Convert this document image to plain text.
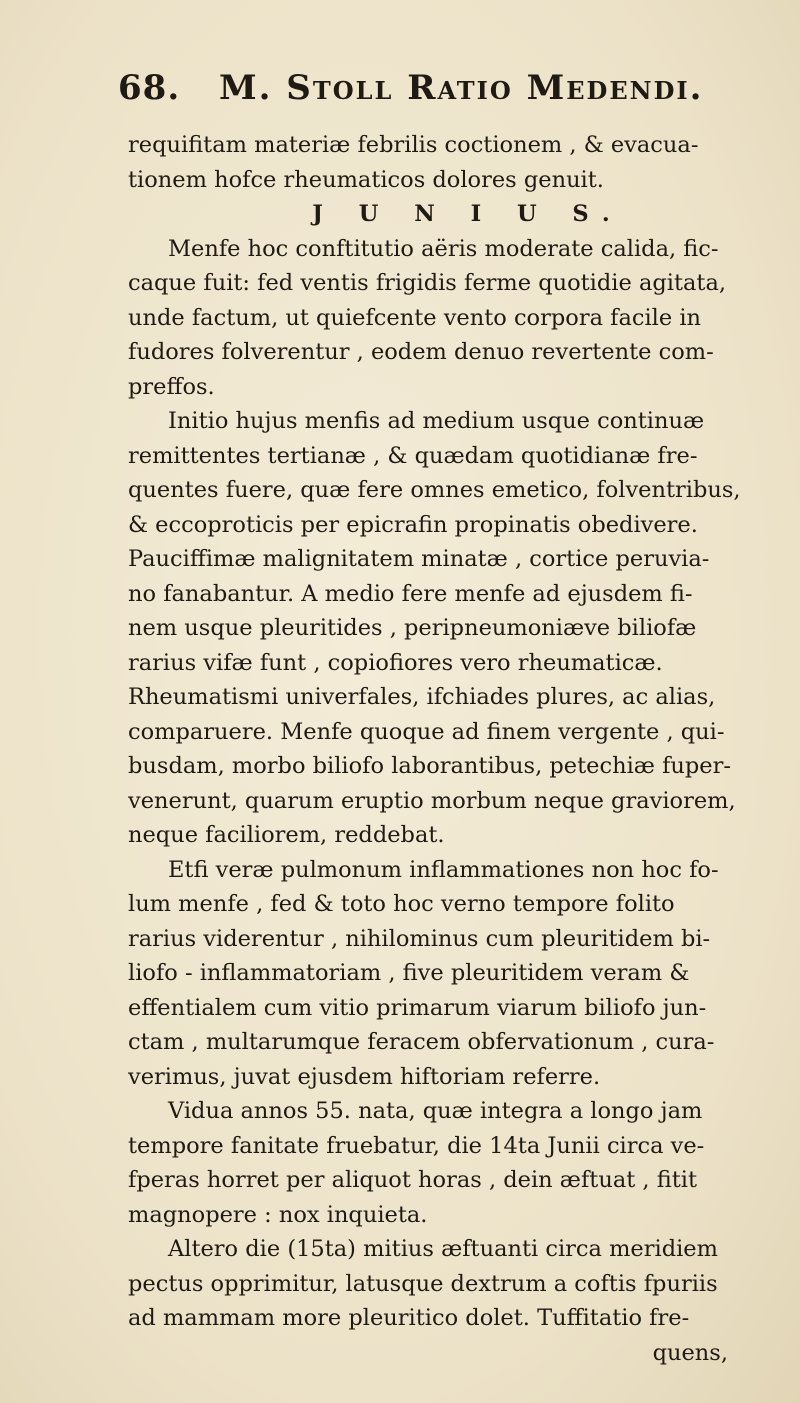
68. M. Stoll Ratio Medendi.
requifitam materiæ febrilis coctionem , & evacua-
tionem hofce rheumaticos dolores genuit.
J U N I U S.
Menfe hoc conftitutio aëris moderate calida, fic-
caque fuit: fed ventis frigidis ferme quotidie agitata,
unde factum, ut quiefcente vento corpora facile in
fudores folverentur , eodem denuo revertente com-
preffos.
Initio hujus menfis ad medium usque continuæ
remittentes tertianæ , & quædam quotidianæ fre-
quentes fuere, quæ fere omnes emetico, folventribus,
& eccoproticis per epicrafin propinatis obedivere.
Pauciffimæ malignitatem minatæ , cortice peruvia-
no fanabantur. A medio fere menfe ad ejusdem fi-
nem usque pleuritides , peripneumoniæve biliofæ
rarius vifæ funt , copiofiores vero rheumaticæ.
Rheumatismi univerfales, ifchiades plures, ac alias,
comparuere. Menfe quoque ad finem vergente , qui-
busdam, morbo biliofo laborantibus, petechiæ fuper-
venerunt, quarum eruptio morbum neque graviorem,
neque faciliorem, reddebat.
Etfi veræ pulmonum inflammationes non hoc fo-
lum menfe , fed & toto hoc verno tempore folito
rarius viderentur , nihilominus cum pleuritidem bi-
liofo - inflammatoriam , five pleuritidem veram &
effentialem cum vitio primarum viarum biliofo jun-
ctam , multarumque feracem obfervationum , cura-
verimus, juvat ejusdem hiftoriam referre.
Vidua annos 55. nata, quæ integra a longo jam
tempore fanitate fruebatur, die 14ta Junii circa ve-
fperas horret per aliquot horas , dein æftuat , fitit
magnopere : nox inquieta.
Altero die (15ta) mitius æftuanti circa meridiem
pectus opprimitur, latusque dextrum a coftis fpuriis
ad mammam more pleuritico dolet. Tuffitatio fre-
quens,
